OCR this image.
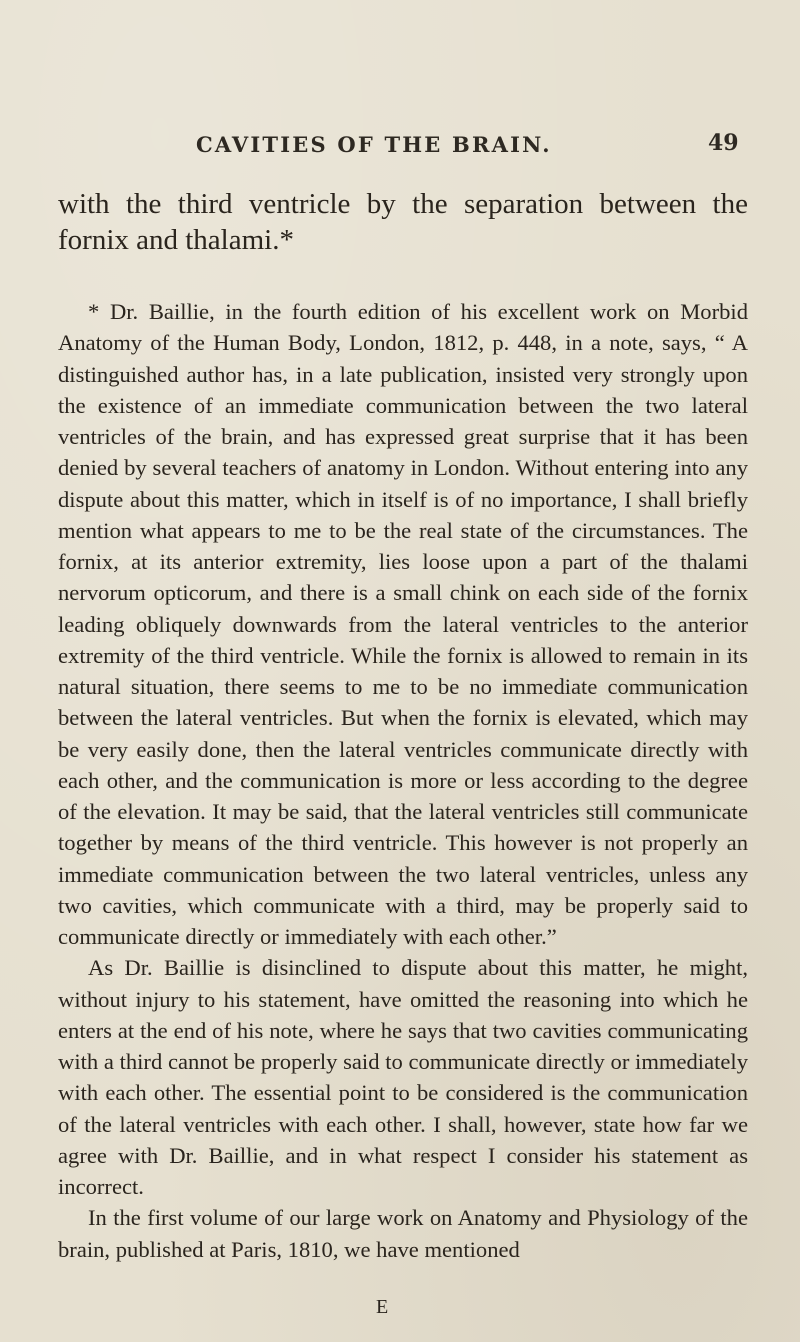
CAVITIES OF THE BRAIN.	49

with the third ventricle by the separation between the fornix and thalami.*

* Dr. Baillie, in the fourth edition of his excellent work on Morbid Anatomy of the Human Body, London, 1812, p. 448, in a note, says, “ A distinguished author has, in a late publication, insisted very strongly upon the existence of an immediate communication between the two lateral ventricles of the brain, and has expressed great surprise that it has been denied by several teachers of anatomy in London. Without entering into any dispute about this matter, which in itself is of no importance, I shall briefly mention what appears to me to be the real state of the circumstances. The fornix, at its anterior extremity, lies loose upon a part of the thalami nervorum opticorum, and there is a small chink on each side of the fornix leading obliquely downwards from the lateral ventricles to the anterior extremity of the third ventricle. While the fornix is allowed to remain in its natural situation, there seems to me to be no immediate communication between the lateral ventricles. But when the fornix is elevated, which may be very easily done, then the lateral ventricles communicate directly with each other, and the communication is more or less according to the degree of the elevation. It may be said, that the lateral ventricles still communicate together by means of the third ventricle. This however is not properly an immediate communication between the two lateral ventricles, unless any two cavities, which communicate with a third, may be properly said to communicate directly or immediately with each other.”

As Dr. Baillie is disinclined to dispute about this matter, he might, without injury to his statement, have omitted the reasoning into which he enters at the end of his note, where he says that two cavities communicating with a third cannot be properly said to communicate directly or immediately with each other. The essential point to be considered is the communication of the lateral ventricles with each other. I shall, however, state how far we agree with Dr. Baillie, and in what respect I consider his statement as incorrect.

In the first volume of our large work on Anatomy and Physiology of the brain, published at Paris, 1810, we have mentioned

E
